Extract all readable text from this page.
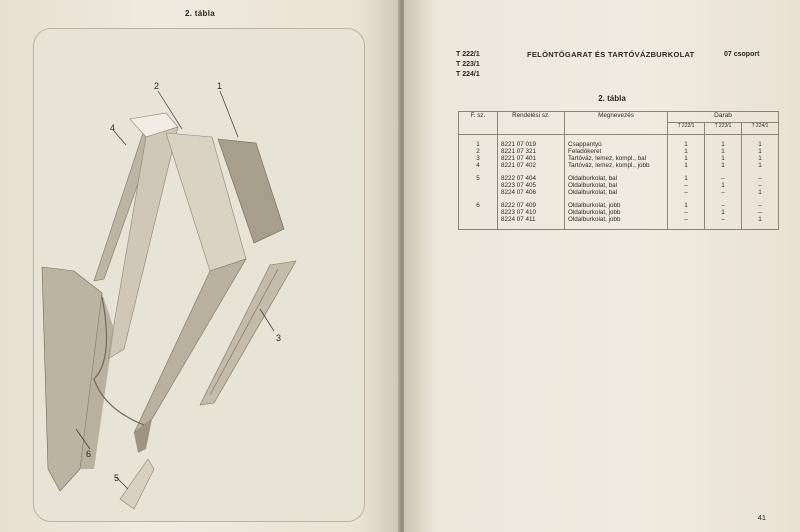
2. tábla
1
2
3
4
5
6
T 222/1
T 223/1
T 224/1
FELÖNTŐGARAT ÉS TARTÓVÁZBURKOLAT	07 csoport
2. tábla
F. sz.	Rendelési sz.	Megnevezés	Darab		
			T 222/1	T 223/1	T 224/1

1	8221 07 019	Csappantyú	1	1	1
2	8221 07 321	Feladókeret	1	1	1
3	8221 07 401	Tartóváz, lemez, kompl., bal	1	1	1
4	8221 07 402	Tartóváz, lemez, kompl., jobb	1	1	1

5	8222 07 404	Oldalburkolat, bal	1	–	–
	8223 07 405	Oldalburkolat, bal	–	1	–
	8224 07 406	Oldalburkolat, bal	–	–	1

6	8222 07 409	Oldalburkolat, jobb	1	–	–
	8223 07 410	Oldalburkolat, jobb	–	1	–
	8224 07 411	Oldalburkolat, jobb	–	–	1

41
